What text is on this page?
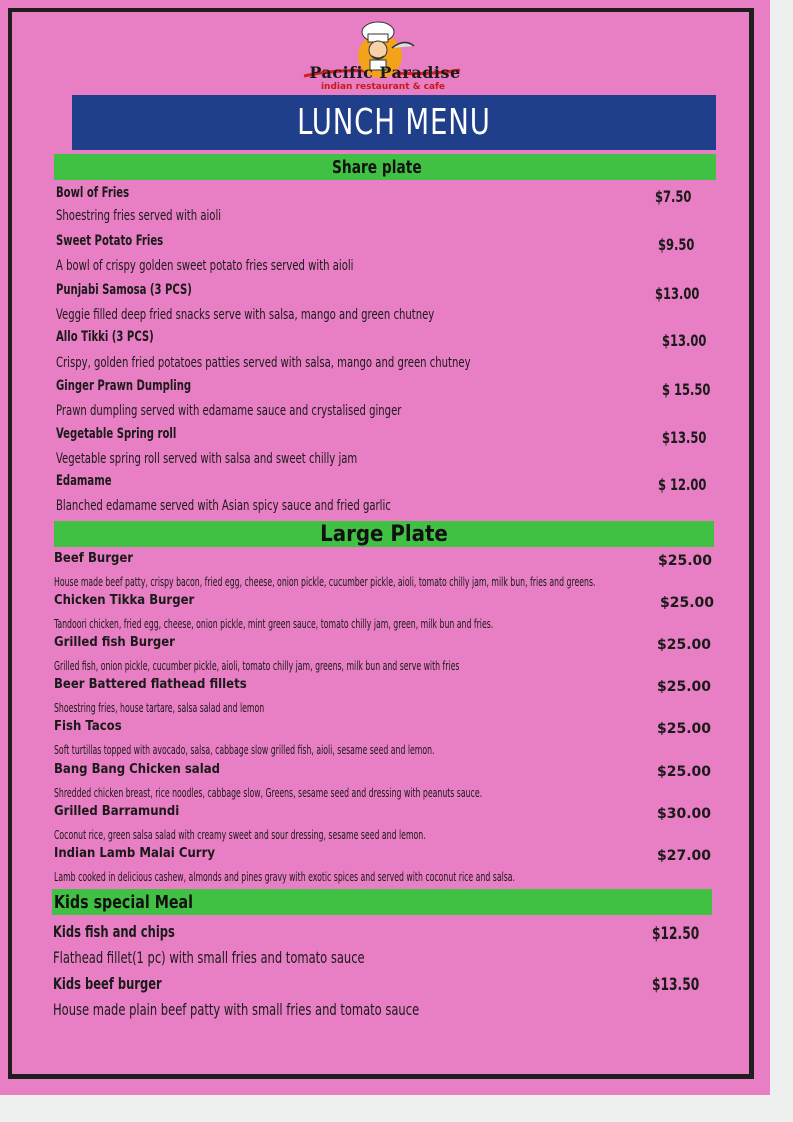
Pacific Paradise
indian restaurant & cafe
LUNCH MENU
Share plate
Large Plate
Kids special Meal
Bowl of Fries
Shoestring fries served with aioli
$7.50
Sweet Potato Fries
A bowl of crispy golden sweet potato fries served with aioli
$9.50
Punjabi Samosa (3 PCS)
Veggie filled deep fried snacks serve with salsa, mango and green chutney
$13.00
Allo Tikki (3 PCS)
Crispy, golden fried potatoes patties served with salsa, mango and green chutney
$13.00
Ginger Prawn Dumpling
Prawn dumpling served with edamame sauce and crystalised ginger
$ 15.50
Vegetable Spring roll
Vegetable spring roll served with salsa and sweet chilly jam
$13.50
Edamame
Blanched edamame served with Asian spicy sauce and fried garlic
$ 12.00
Beef Burger
House made beef patty, crispy bacon, fried egg, cheese, onion pickle, cucumber pickle, aioli, tomato chilly jam, milk bun, fries and greens.
$25.00
Chicken Tikka Burger
Tandoori chicken, fried egg, cheese, onion pickle, mint green sauce, tomato chilly jam, green, milk bun and fries.
$25.00
Grilled fish Burger
Grilled fish, onion pickle, cucumber pickle, aioli, tomato chilly jam, greens, milk bun and serve with fries
$25.00
Beer Battered flathead fillets
Shoestring fries, house tartare, salsa salad and lemon
$25.00
Fish Tacos
Soft turtillas topped with avocado, salsa, cabbage slow grilled fish, aioli, sesame seed and lemon.
$25.00
Bang Bang Chicken salad
Shredded chicken breast, rice noodles, cabbage slow, Greens, sesame seed and dressing with peanuts sauce.
$25.00
Grilled Barramundi
Coconut rice, green salsa salad with creamy sweet and sour dressing, sesame seed and lemon.
$30.00
Indian Lamb Malai Curry
Lamb cooked in delicious cashew, almonds and pines gravy with exotic spices and served with coconut rice and salsa.
$27.00
Kids fish and chips
Flathead fillet(1 pc) with small fries and tomato sauce
$12.50
Kids beef burger
House made plain beef patty with small fries and tomato sauce
$13.50
